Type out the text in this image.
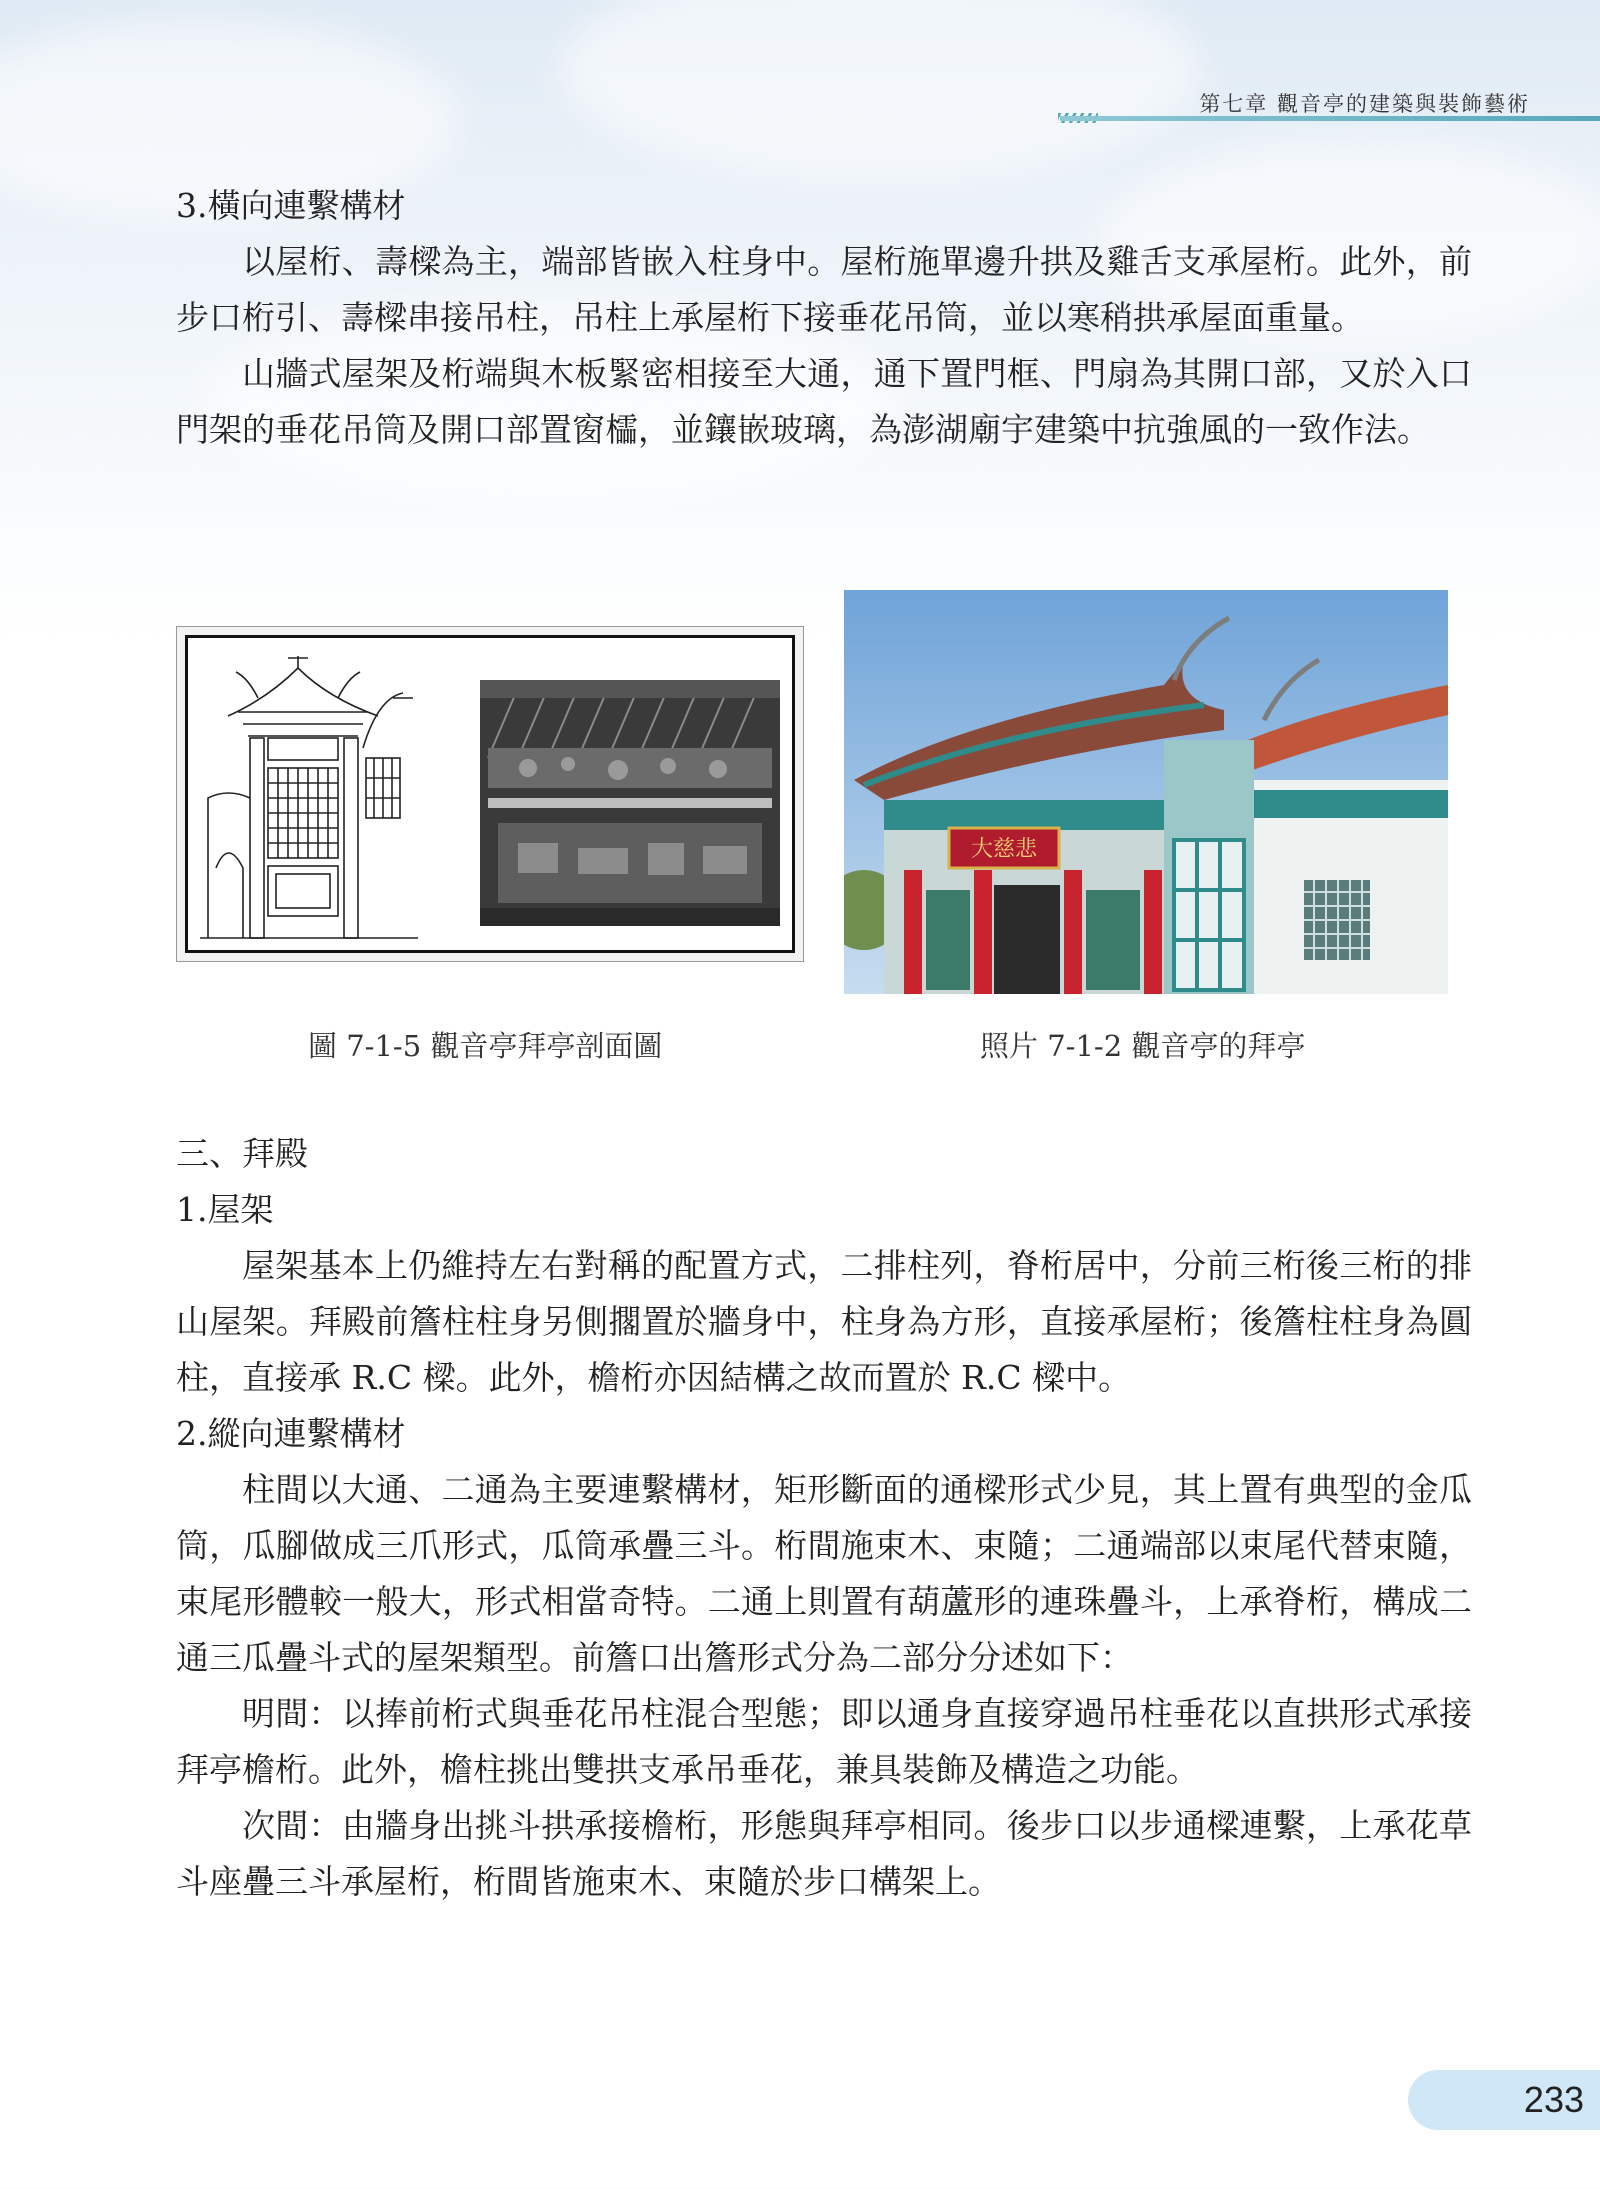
第七章 觀音亭的建築與裝飾藝術

3.橫向連繫構材

以屋桁、壽樑為主，端部皆嵌入柱身中。屋桁施單邊升拱及雞舌支承屋桁。此外，前步口桁引、壽樑串接吊柱，吊柱上承屋桁下接垂花吊筒，並以寒稍拱承屋面重量。

山牆式屋架及桁端與木板緊密相接至大通，通下置門框、門扇為其開口部，又於入口門架的垂花吊筒及開口部置窗櫺，並鑲嵌玻璃，為澎湖廟宇建築中抗強風的一致作法。

大慈悲
圖 7-1-5 觀音亭拜亭剖面圖	照片 7-1-2 觀音亭的拜亭

三、拜殿

1.屋架

屋架基本上仍維持左右對稱的配置方式，二排柱列，脊桁居中，分前三桁後三桁的排山屋架。拜殿前簷柱柱身另側擱置於牆身中，柱身為方形，直接承屋桁；後簷柱柱身為圓柱，直接承 R.C 樑。此外，檐桁亦因結構之故而置於 R.C 樑中。

2.縱向連繫構材

柱間以大通、二通為主要連繫構材，矩形斷面的通樑形式少見，其上置有典型的金瓜筒，瓜腳做成三爪形式，瓜筒承疊三斗。桁間施束木、束隨；二通端部以束尾代替束隨，束尾形體較一般大，形式相當奇特。二通上則置有葫蘆形的連珠疊斗，上承脊桁，構成二通三瓜疊斗式的屋架類型。前簷口出簷形式分為二部分分述如下：

明間：以捧前桁式與垂花吊柱混合型態；即以通身直接穿過吊柱垂花以直拱形式承接拜亭檐桁。此外，檐柱挑出雙拱支承吊垂花，兼具裝飾及構造之功能。

次間：由牆身出挑斗拱承接檐桁，形態與拜亭相同。後步口以步通樑連繫，上承花草斗座疊三斗承屋桁，桁間皆施束木、束隨於步口構架上。

233
